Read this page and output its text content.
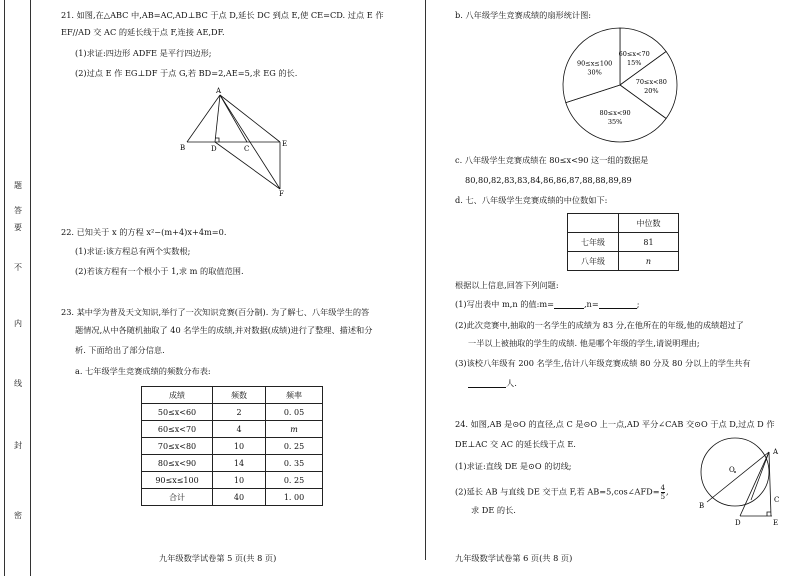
密
封
线
内
不
要
答
题
21. 如图,在△ABC 中,AB=AC,AD⊥BC 于点 D,延长 DC 到点 E,使 CE=CD. 过点 E 作
EF//AD 交 AC 的延长线于点 F,连接 AE,DF.
(1)求证:四边形 ADFE 是平行四边形;
(2)过点 E 作 EG⊥DF 于点 G,若 BD=2,AE=5,求 EG 的长.
A
B	D	C
E
F
22. 已知关于 x 的方程 x²−(m+4)x+4m=0.
(1)求证:该方程总有两个实数根;
(2)若该方程有一个根小于 1,求 m 的取值范围.
23. 某中学为普及天文知识,举行了一次知识竞赛(百分制). 为了解七、八年级学生的答
题情况,从中各随机抽取了 40 名学生的成绩,并对数据(成绩)进行了整理、描述和分
析. 下面给出了部分信息.
a. 七年级学生竞赛成绩的频数分布表:
成绩	频数	频率
50≤x<60	2	0. 05
60≤x<70	4	m
70≤x<80	10	0. 25
80≤x<90	14	0. 35
90≤x≤100	10	0. 25
合计	40	1. 00
九年级数学试卷第 5 页(共 8 页)
b. 八年级学生竞赛成绩的扇形统计图:
60≤x<70
15%
70≤x<80
20%
80≤x<90
35%
90≤x≤100
30%
c. 八年级学生竞赛成绩在 80≤x<90 这一组的数据是
80,80,82,83,83,84,86,86,87,88,88,89,89
d. 七、八年级学生竞赛成绩的中位数如下:
	中位数
七年级	81
八年级	n
根据以上信息,回答下列问题:
(1)写出表中 m,n 的值:m=	,n=	;
(2)此次竞赛中,抽取的一名学生的成绩为 83 分,在他所在的年级,他的成绩超过了
一半以上被抽取的学生的成绩. 他是哪个年级的学生,请说明理由;
(3)该校八年级有 200 名学生,估计八年级竞赛成绩 80 分及 80 分以上的学生共有
人.
24. 如图,AB 是⊙O 的直径,点 C 是⊙O 上一点,AD 平分∠CAB 交⊙O 于点 D,过点 D 作
DE⊥AC 交 AC 的延长线于点 E.
(1)求证:直线 DE 是⊙O 的切线;
(2)延长 AB 与直线 DE 交于点 F,若 AB=5,cos∠AFD= $\frac{4}{5}$ ,
求 DE 的长.
A
O
B
C
D	E
九年级数学试卷第 6 页(共 8 页)
